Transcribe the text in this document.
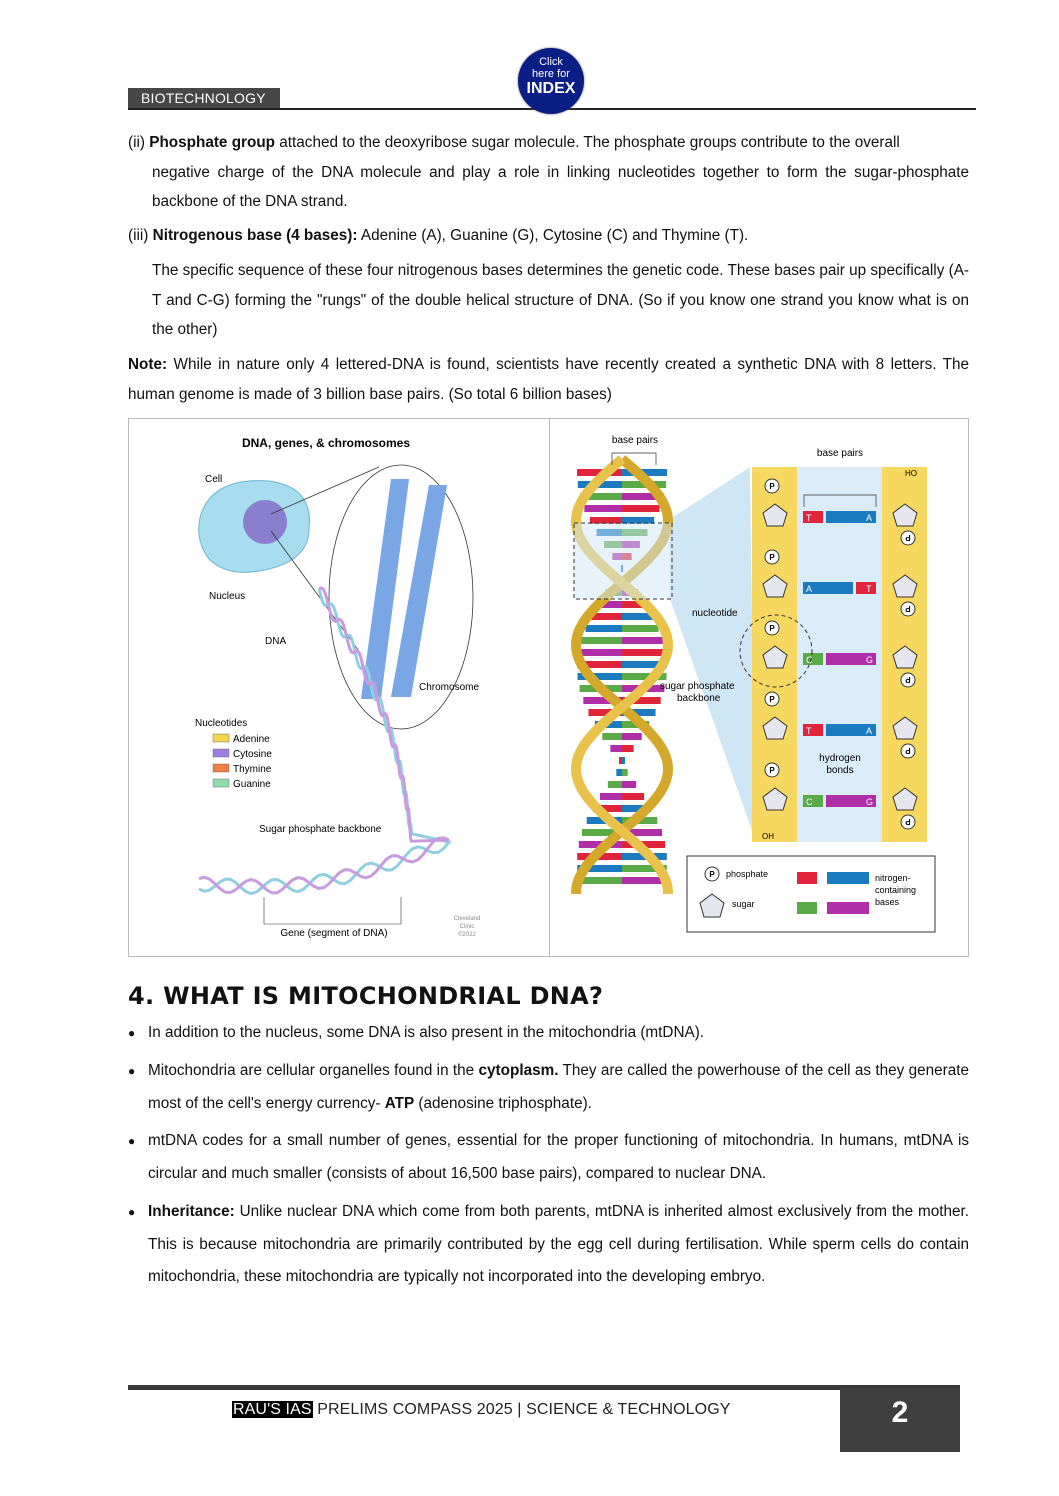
BIOTECHNOLOGY
Click
here for
INDEX
(ii) Phosphate group attached to the deoxyribose sugar molecule. The phosphate groups contribute to the overall
negative charge of the DNA molecule and play a role in linking nucleotides together to form the sugar-phosphate backbone of the DNA strand.
(iii) Nitrogenous base (4 bases): Adenine (A), Guanine (G), Cytosine (C) and Thymine (T).
The specific sequence of these four nitrogenous bases determines the genetic code. These bases pair up specifically (A-T and C-G) forming the "rungs" of the double helical structure of DNA. (So if you know one strand you know what is on the other)
Note: While in nature only 4 lettered-DNA is found, scientists have recently created a synthetic DNA with 8 letters. The human genome is made of 3 billion base pairs. (So total 6 billion bases)
DNA, genes, & chromosomes
Cell
Nucleus
DNA
Chromosome
Nucleotides
Adenine
Cytosine
Thymine
Guanine
Sugar phosphate backbone
Gene (segment of DNA)
Cleveland
Clinic
©2022
P
P
T	A
P
P
A	T
P
P
C	G
P
P
T	A
P
P
C	G
base pairs
base pairs
HO
OH
nucleotide
sugar phosphate
backbone
hydrogen
bonds
P phosphate
sugar
nitrogen-
containing
bases
4. WHAT IS MITOCHONDRIAL DNA?
● In addition to the nucleus, some DNA is also present in the mitochondria (mtDNA).
● Mitochondria are cellular organelles found in the cytoplasm. They are called the powerhouse of the cell as they generate most of the cell's energy currency- ATP (adenosine triphosphate).
● mtDNA codes for a small number of genes, essential for the proper functioning of mitochondria. In humans, mtDNA is circular and much smaller (consists of about 16,500 base pairs), compared to nuclear DNA.
● Inheritance: Unlike nuclear DNA which come from both parents, mtDNA is inherited almost exclusively from the mother. This is because mitochondria are primarily contributed by the egg cell during fertilisation. While sperm cells do contain mitochondria, these mitochondria are typically not incorporated into the developing embryo.
RAU'S IAS PRELIMS COMPASS 2025 | SCIENCE & TECHNOLOGY	2
